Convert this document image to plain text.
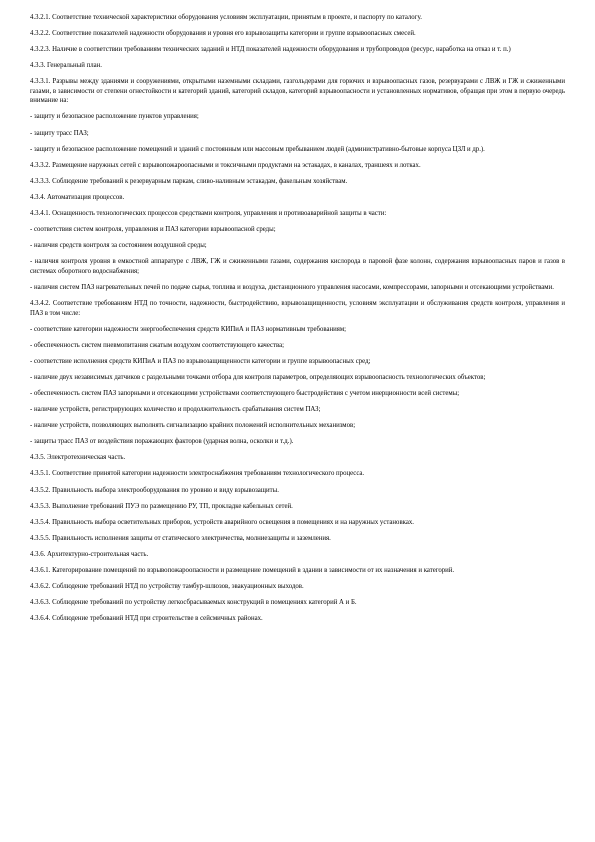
4.3.2.1. Соответствие технической характеристики оборудования условиям эксплуатации, принятым в проекте, и паспорту по каталогу.

4.3.2.2. Соответствие показателей надежности оборудования и уровня его взрывозащиты категории и группе взрывоопасных смесей.

4.3.2.3. Наличие в соответствии требованиям технических заданий и НТД показателей надежности оборудования и трубопроводов (ресурс, наработка на отказ и т. п.)

4.3.3. Генеральный план.

4.3.3.1. Разрывы между зданиями и сооружениями, открытыми наземными складами, газгольдерами для горючих и взрывоопасных газов, резервуарами с ЛВЖ и ГЖ и сжиженными газами, в зависимости от степени огнестойкости и категорий зданий, категорий складов, категорий взрывоопасности и установленных нормативов, обращая при этом в первую очередь внимание на:

- защиту и безопасное расположение пунктов управления;

- защиту трасс ПАЗ;

- защиту и безопасное расположение помещений и зданий с постоянным или массовым пребыванием людей (административно-бытовые корпуса ЦЗЛ и др.).

4.3.3.2. Размещение наружных сетей с взрывопожароопасными и токсичными продуктами на эстакадах, в каналах, траншеях и лотках.

4.3.3.3. Соблюдение требований к резервуарным паркам, сливо-наливным эстакадам, факельным хозяйствам.

4.3.4. Автоматизация процессов.

4.3.4.1. Оснащенность технологических процессов средствами контроля, управления и противоаварийной защиты в части:

- соответствия систем контроля, управления и ПАЗ категории взрывоопасной среды;

- наличия средств контроля за состоянием воздушной среды;

- наличия контроля уровня в емкостной аппаратуре с ЛВЖ, ГЖ и сжиженными газами, содержания кислорода в паровой фазе колонн, содержания взрывоопасных паров и газов в системах оборотного водоснабжения;

- наличия систем ПАЗ нагревательных печей по подаче сырья, топлива и воздуха, дистанционного управления насосами, компрессорами, запорными и отсекающими устройствами.

4.3.4.2. Соответствие требованиям НТД по точности, надежности, быстродействию, взрывозащищенности, условиям эксплуатации и обслуживания средств контроля, управления и ПАЗ в том числе:

- соответствие категории надежности энергообеспечения средств КИПиА и ПАЗ нормативным требованиям;

- обеспеченность систем пневмопитания сжатым воздухом соответствующего качества;

- соответствие исполнения средств КИПиА и ПАЗ по взрывозащищенности категории и группе взрывоопасных сред;

- наличие двух независимых датчиков с раздельными точками отбора для контроля параметров, определяющих взрывоопасность технологических объектов;

- обеспеченность систем ПАЗ запорными и отсекающими устройствами соответствующего быстродействия с учетом инерционности всей системы;

- наличие устройств, регистрирующих количество и продолжительность срабатывания систем ПАЗ;

- наличие устройств, позволяющих выполнять сигнализацию крайних положений исполнительных механизмов;

- защиты трасс ПАЗ от воздействия поражающих факторов (ударная волна, осколки и т.д.).

4.3.5. Электротехническая часть.

4.3.5.1. Соответствие принятой категории надежности электроснабжения требованиям технологического процесса.

4.3.5.2. Правильность выбора электрооборудования по уровню и виду взрывозащиты.

4.3.5.3. Выполнение требований ПУЭ по размещению РУ, ТП, прокладке кабельных сетей.

4.3.5.4. Правильность выбора осветительных приборов, устройств аварийного освещения в помещениях и на наружных установках.

4.3.5.5. Правильность исполнения защиты от статического электричества, молниезащиты и заземления.

4.3.6. Архитектурно-строительная часть.

4.3.6.1. Категорирование помещений по взрывопожароопасности и размещение помещений в здании в зависимости от их назначения и категорий.

4.3.6.2. Соблюдение требований НТД по устройству тамбур-шлюзов, эвакуационных выходов.

4.3.6.3. Соблюдение требований по устройству легкосбрасываемых конструкций в помещениях категорий А и Б.

4.3.6.4. Соблюдение требований НТД при строительстве в сейсмичных районах.
